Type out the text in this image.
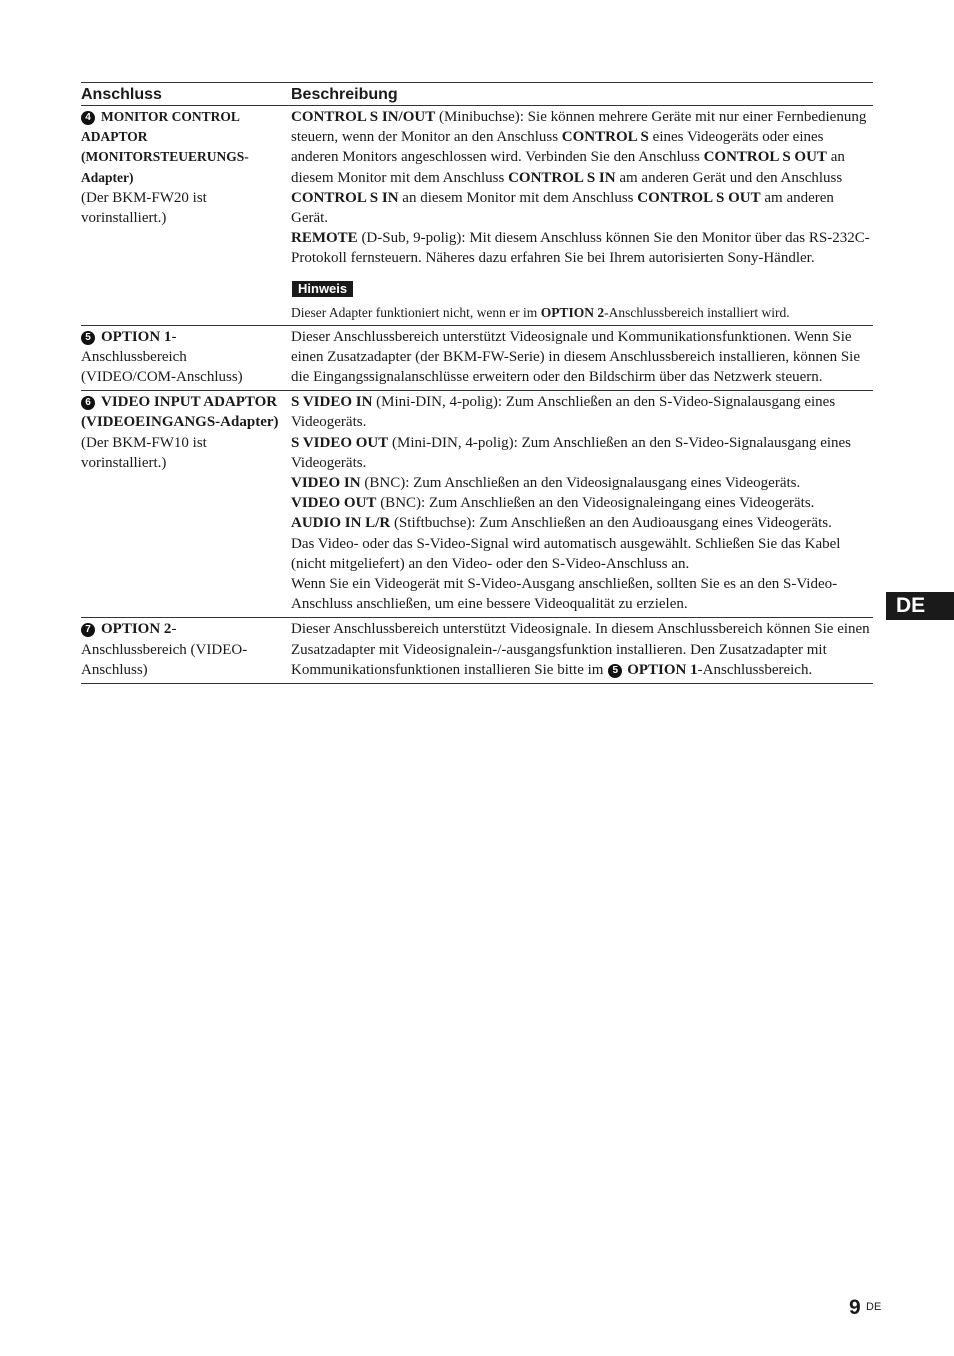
Anschluss	Beschreibung
4 MONITOR CONTROL ADAPTOR
(MONITORSTEUERUNGS-Adapter)
(Der BKM-FW20 ist vorinstalliert.)

CONTROL S IN/OUT (Minibuchse): Sie können mehrere Geräte mit nur einer Fernbedienung steuern, wenn der Monitor an den Anschluss CONTROL S eines Videogeräts oder eines anderen Monitors angeschlossen wird. Verbinden Sie den Anschluss CONTROL S OUT an diesem Monitor mit dem Anschluss CONTROL S IN am anderen Gerät und den Anschluss CONTROL S IN an diesem Monitor mit dem Anschluss CONTROL S OUT am anderen Gerät.

REMOTE (D-Sub, 9-polig): Mit diesem Anschluss können Sie den Monitor über das RS-232C-Protokoll fernsteuern. Näheres dazu erfahren Sie bei Ihrem autorisierten Sony-Händler.

Hinweis

Dieser Adapter funktioniert nicht, wenn er im OPTION 2-Anschlussbereich installiert wird.

5 OPTION 1-
Anschlussbereich (VIDEO/COM-Anschluss)

Dieser Anschlussbereich unterstützt Videosignale und Kommunikationsfunktionen. Wenn Sie einen Zusatzadapter (der BKM-FW-Serie) in diesem Anschlussbereich installieren, können Sie die Eingangssignalanschlüsse erweitern oder den Bildschirm über das Netzwerk steuern.

6 VIDEO INPUT ADAPTOR (VIDEOEINGANGS-Adapter)
(Der BKM-FW10 ist vorinstalliert.)

S VIDEO IN (Mini-DIN, 4-polig): Zum Anschließen an den S-Video-Signalausgang eines Videogeräts.

S VIDEO OUT (Mini-DIN, 4-polig): Zum Anschließen an den S-Video-Signalausgang eines Videogeräts.

VIDEO IN (BNC): Zum Anschließen an den Videosignalausgang eines Videogeräts.

VIDEO OUT (BNC): Zum Anschließen an den Videosignaleingang eines Videogeräts.

AUDIO IN L/R (Stiftbuchse): Zum Anschließen an den Audioausgang eines Videogeräts.

Das Video- oder das S-Video-Signal wird automatisch ausgewählt. Schließen Sie das Kabel (nicht mitgeliefert) an den Video- oder den S-Video-Anschluss an.

Wenn Sie ein Videogerät mit S-Video-Ausgang anschließen, sollten Sie es an den S-Video-Anschluss anschließen, um eine bessere Videoqualität zu erzielen.

7 OPTION 2-
Anschlussbereich (VIDEO-Anschluss)

Dieser Anschlussbereich unterstützt Videosignale. In diesem Anschlussbereich können Sie einen Zusatzadapter mit Videosignalein-/-ausgangsfunktion installieren. Den Zusatzadapter mit Kommunikationsfunktionen installieren Sie bitte im 5 OPTION 1-Anschlussbereich.

DE
9 DE
